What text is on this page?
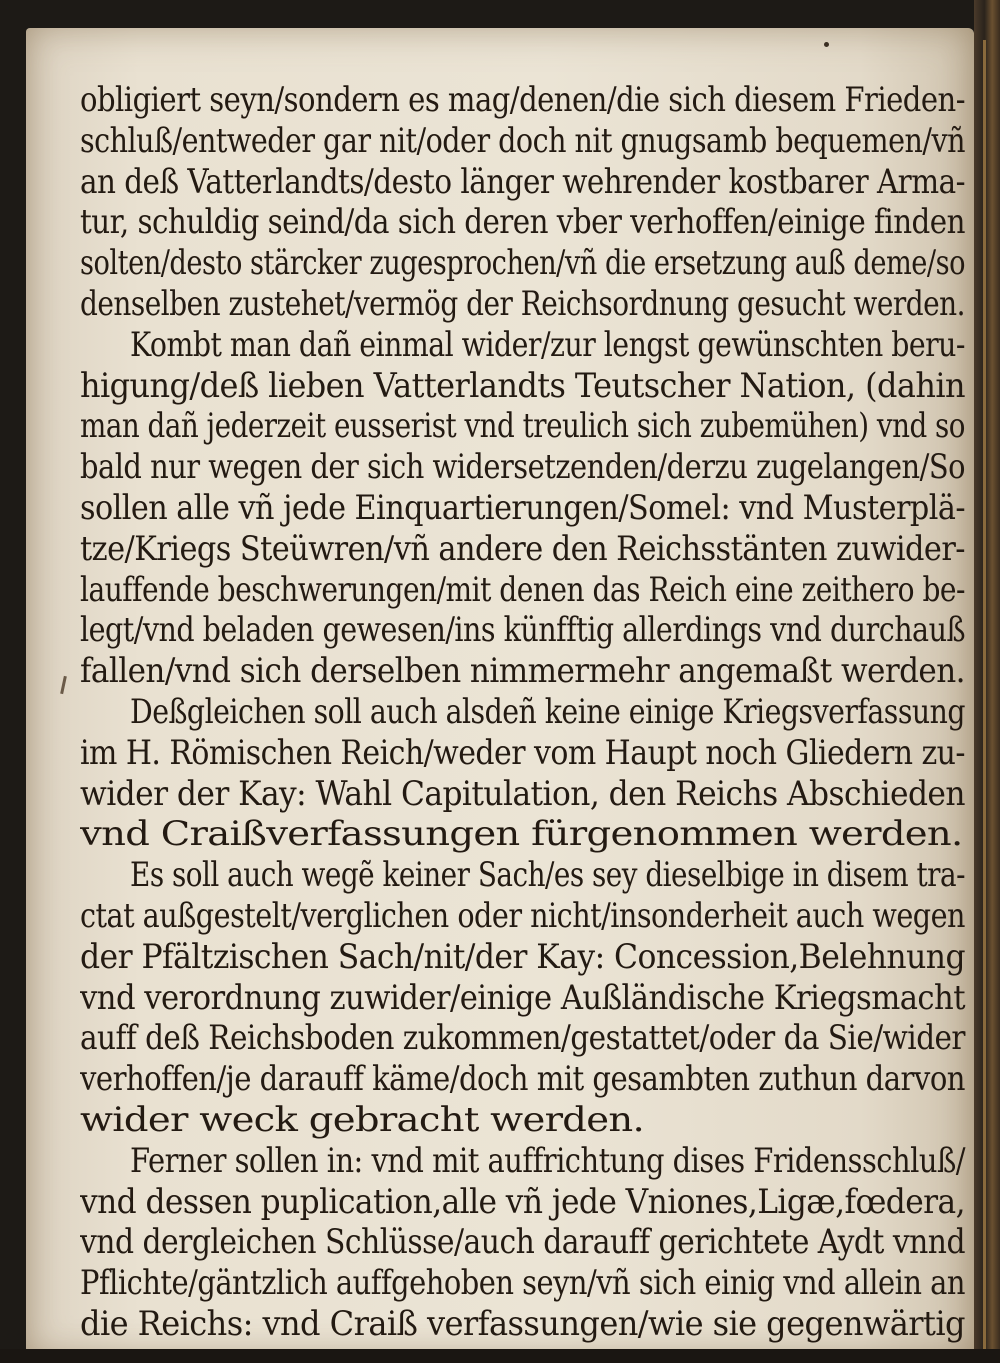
obligiert seyn/sondern es mag/denen/die sich diesem Frieden-
schluß/entweder gar nit/oder doch nit gnugsamb bequemen/vñ
an deß Vatterlandts/desto länger wehrender kostbarer Arma-
tur, schuldig seind/da sich deren vber verhoffen/einige finden
solten/desto stärcker zugesprochen/vñ die ersetzung auß deme/so
denselben zustehet/vermög der Reichsordnung gesucht werden.
Kombt man dañ einmal wider/zur lengst gewünschten beru-
higung/deß lieben Vatterlandts Teutscher Nation, (dahin
man dañ jederzeit eusserist vnd treulich sich zubemühen) vnd so
bald nur wegen der sich widersetzenden/derzu zugelangen/So
sollen alle vñ jede Einquartierungen/Somel: vnd Musterplä-
tze/Kriegs Steüwren/vñ andere den Reichsstänten zuwider-
lauffende beschwerungen/mit denen das Reich eine zeithero be-
legt/vnd beladen gewesen/ins künfftig allerdings vnd durchauß
fallen/vnd sich derselben nimmermehr angemaßt werden.
Deßgleichen soll auch alsdeñ keine einige Kriegsverfassung
im H. Römischen Reich/weder vom Haupt noch Gliedern zu-
wider der Kay: Wahl Capitulation, den Reichs Abschieden
vnd Craißverfassungen fürgenommen werden.
Es soll auch wegẽ keiner Sach/es sey dieselbige in disem tra-
ctat außgestelt/verglichen oder nicht/insonderheit auch wegen
der Pfältzischen Sach/nit/der Kay: Concession,Belehnung
vnd verordnung zuwider/einige Außländische Kriegsmacht
auff deß Reichsboden zukommen/gestattet/oder da Sie/wider
verhoffen/je darauff käme/doch mit gesambten zuthun darvon
wider weck gebracht werden.
Ferner sollen in: vnd mit auffrichtung dises Fridensschluß/
vnd dessen puplication,alle vñ jede Vniones,Ligæ,fœdera,
vnd dergleichen Schlüsse/auch darauff gerichtete Aydt vnnd
Pflichte/gäntzlich auffgehoben seyn/vñ sich einig vnd allein an
die Reichs: vnd Craiß verfassungen/wie sie gegenwärtig
